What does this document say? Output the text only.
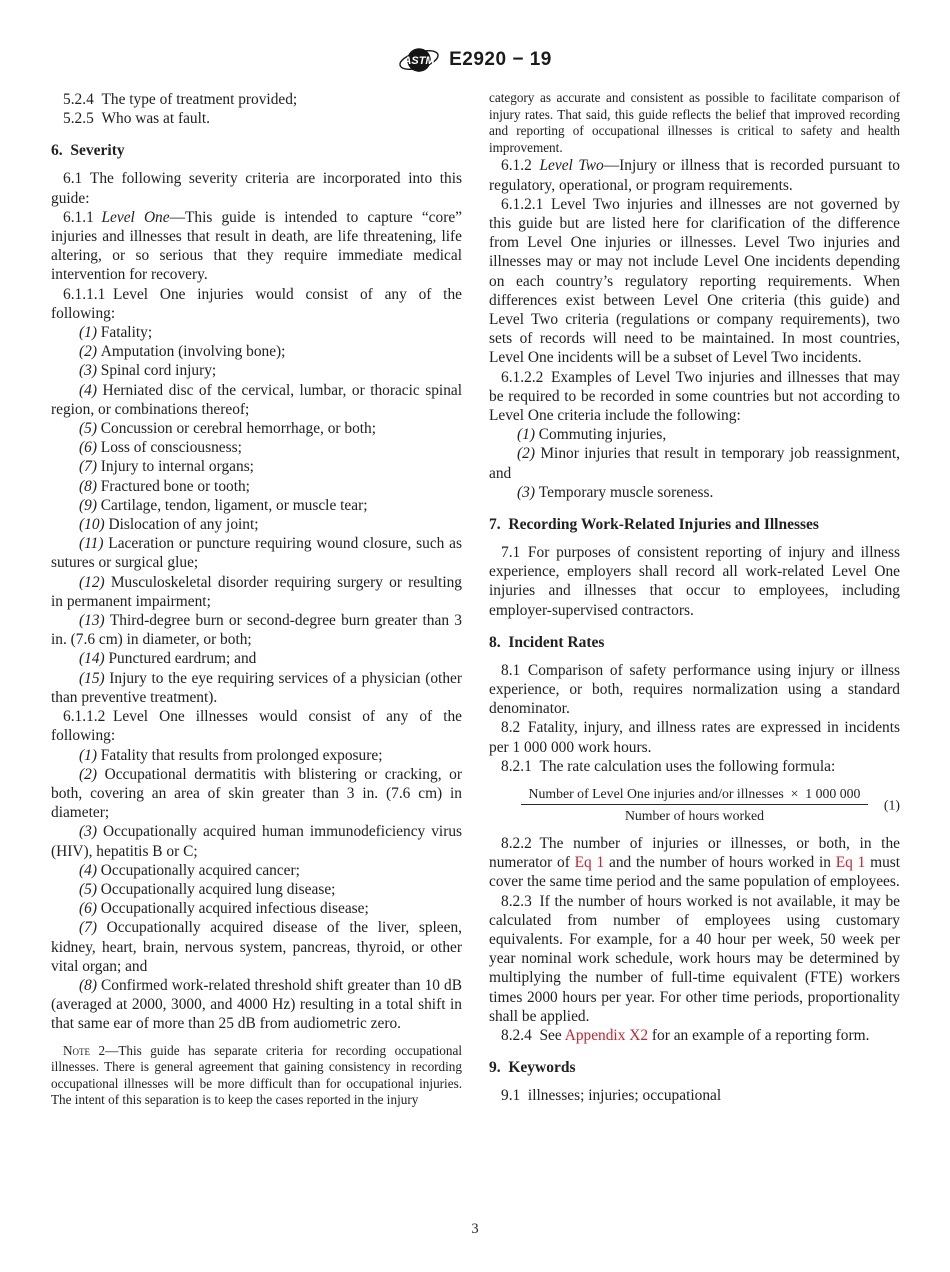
ASTM E2920 − 19

5.2.4 The type of treatment provided;

5.2.5 Who was at fault.

6. Severity

6.1 The following severity criteria are incorporated into this guide:

6.1.1 Level One—This guide is intended to capture “core” injuries and illnesses that result in death, are life threatening, life altering, or so serious that they require immediate medical intervention for recovery.

6.1.1.1 Level One injuries would consist of any of the following:

(1) Fatality;

(2) Amputation (involving bone);

(3) Spinal cord injury;

(4) Herniated disc of the cervical, lumbar, or thoracic spinal region, or combinations thereof;

(5) Concussion or cerebral hemorrhage, or both;

(6) Loss of consciousness;

(7) Injury to internal organs;

(8) Fractured bone or tooth;

(9) Cartilage, tendon, ligament, or muscle tear;

(10) Dislocation of any joint;

(11) Laceration or puncture requiring wound closure, such as sutures or surgical glue;

(12) Musculoskeletal disorder requiring surgery or resulting in permanent impairment;

(13) Third-degree burn or second-degree burn greater than 3 in. (7.6 cm) in diameter, or both;

(14) Punctured eardrum; and

(15) Injury to the eye requiring services of a physician (other than preventive treatment).

6.1.1.2 Level One illnesses would consist of any of the following:

(1) Fatality that results from prolonged exposure;

(2) Occupational dermatitis with blistering or cracking, or both, covering an area of skin greater than 3 in. (7.6 cm) in diameter;

(3) Occupationally acquired human immunodeficiency virus (HIV), hepatitis B or C;

(4) Occupationally acquired cancer;

(5) Occupationally acquired lung disease;

(6) Occupationally acquired infectious disease;

(7) Occupationally acquired disease of the liver, spleen, kidney, heart, brain, nervous system, pancreas, thyroid, or other vital organ; and

(8) Confirmed work-related threshold shift greater than 10 dB (averaged at 2000, 3000, and 4000 Hz) resulting in a total shift in that same ear of more than 25 dB from audiometric zero.

Note 2—This guide has separate criteria for recording occupational illnesses. There is general agreement that gaining consistency in recording occupational illnesses will be more difficult than for occupational injuries. The intent of this separation is to keep the cases reported in the injury

category as accurate and consistent as possible to facilitate comparison of injury rates. That said, this guide reflects the belief that improved recording and reporting of occupational illnesses is critical to safety and health improvement.

6.1.2 Level Two—Injury or illness that is recorded pursuant to regulatory, operational, or program requirements.

6.1.2.1 Level Two injuries and illnesses are not governed by this guide but are listed here for clarification of the difference from Level One injuries or illnesses. Level Two injuries and illnesses may or may not include Level One incidents depending on each country’s regulatory reporting requirements. When differences exist between Level One criteria (this guide) and Level Two criteria (regulations or company requirements), two sets of records will need to be maintained. In most countries, Level One incidents will be a subset of Level Two incidents.

6.1.2.2 Examples of Level Two injuries and illnesses that may be required to be recorded in some countries but not according to Level One criteria include the following:

(1) Commuting injuries,

(2) Minor injuries that result in temporary job reassignment, and

(3) Temporary muscle soreness.

7. Recording Work-Related Injuries and Illnesses

7.1 For purposes of consistent reporting of injury and illness experience, employers shall record all work-related Level One injuries and illnesses that occur to employees, including employer-supervised contractors.

8. Incident Rates

8.1 Comparison of safety performance using injury or illness experience, or both, requires normalization using a standard denominator.

8.2 Fatality, injury, and illness rates are expressed in incidents per 1 000 000 work hours.

8.2.1 The rate calculation uses the following formula:

$\frac{\text{Number of Level One injuries and/or illnesses × 1 000 000}}{\text{Number of hours worked}} (1)$

8.2.2 The number of injuries or illnesses, or both, in the numerator of Eq 1 and the number of hours worked in Eq 1 must cover the same time period and the same population of employees.

8.2.3 If the number of hours worked is not available, it may be calculated from number of employees using customary equivalents. For example, for a 40 hour per week, 50 week per year nominal work schedule, work hours may be determined by multiplying the number of full-time equivalent (FTE) workers times 2000 hours per year. For other time periods, proportionality shall be applied.

8.2.4 See Appendix X2 for an example of a reporting form.

9. Keywords

9.1 illnesses; injuries; occupational

3
